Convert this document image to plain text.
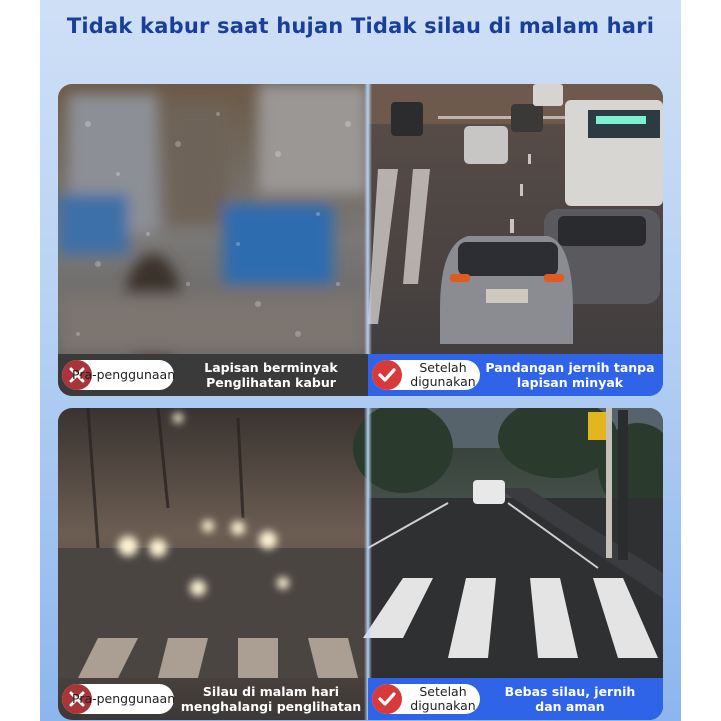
Tidak kabur saat hujan Tidak silau di malam hari
Pra-penggunaan	Lapisan berminyak
Penglihatan kabur
Setelah
digunakan
Pandangan jernih tanpa
lapisan minyak
Pra-penggunaan	Silau di malam hari
menghalangi penglihatan
Setelah
digunakan
Bebas silau, jernih
dan aman
